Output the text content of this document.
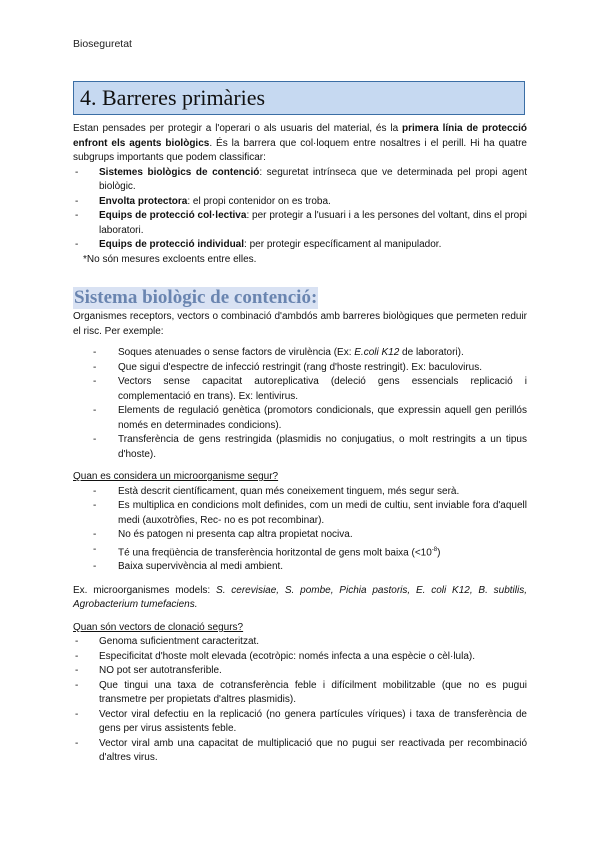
Bioseguretat
4. Barreres primàries
Estan pensades per protegir a l'operari o als usuaris del material, és la primera línia de protecció enfront els agents biològics. És la barrera que col·loquem entre nosaltres i el perill. Hi ha quatre subgrups importants que podem classificar:
- Sistemes biològics de contenció: seguretat intrínseca que ve determinada pel propi agent biològic.
- Envolta protectora: el propi contenidor on es troba.
- Equips de protecció col·lectiva: per protegir a l'usuari i a les persones del voltant, dins el propi laboratori.
- Equips de protecció individual: per protegir específicament al manipulador.
*No són mesures excloents entre elles.
Sistema biològic de contenció:
Organismes receptors, vectors o combinació d'ambdós amb barreres biològiques que permeten reduir el risc. Per exemple:
- Soques atenuades o sense factors de virulència (Ex: E.coli K12 de laboratori).
- Que sigui d'espectre de infecció restringit (rang d'hoste restringit). Ex: baculovirus.
- Vectors sense capacitat autoreplicativa (deleció gens essencials replicació i complementació en trans). Ex: lentivirus.
- Elements de regulació genètica (promotors condicionals, que expressin aquell gen perillós només en determinades condicions).
- Transferència de gens restringida (plasmidis no conjugatius, o molt restringits a un tipus d'hoste).
Quan es considera un microorganisme segur?
- Està descrit científicament, quan més coneixement tinguem, més segur serà.
- Es multiplica en condicions molt definides, com un medi de cultiu, sent inviable fora d'aquell medi (auxotròfies, Rec- no es pot recombinar).
- No és patogen ni presenta cap altra propietat nociva.
- Té una freqüència de transferència horitzontal de gens molt baixa $(<10^{-8})$
- Baixa supervivència al medi ambient.
Ex. microorganismes models: S. cerevisiae, S. pombe, Pichia pastoris, E. coli K12, B. subtilis, Agrobacterium tumefaciens.
Quan són vectors de clonació segurs?
- Genoma suficientment caracteritzat.
- Especificitat d'hoste molt elevada (ecotròpic: només infecta a una espècie o cèl·lula).
- NO pot ser autotransferible.
- Que tingui una taxa de cotransferència feble i difícilment mobilitzable (que no es pugui transmetre per propietats d'altres plasmidis).
- Vector viral defectiu en la replicació (no genera partícules víriques) i taxa de transferència de gens per virus assistents feble.
- Vector viral amb una capacitat de multiplicació que no pugui ser reactivada per recombinació d'altres virus.
